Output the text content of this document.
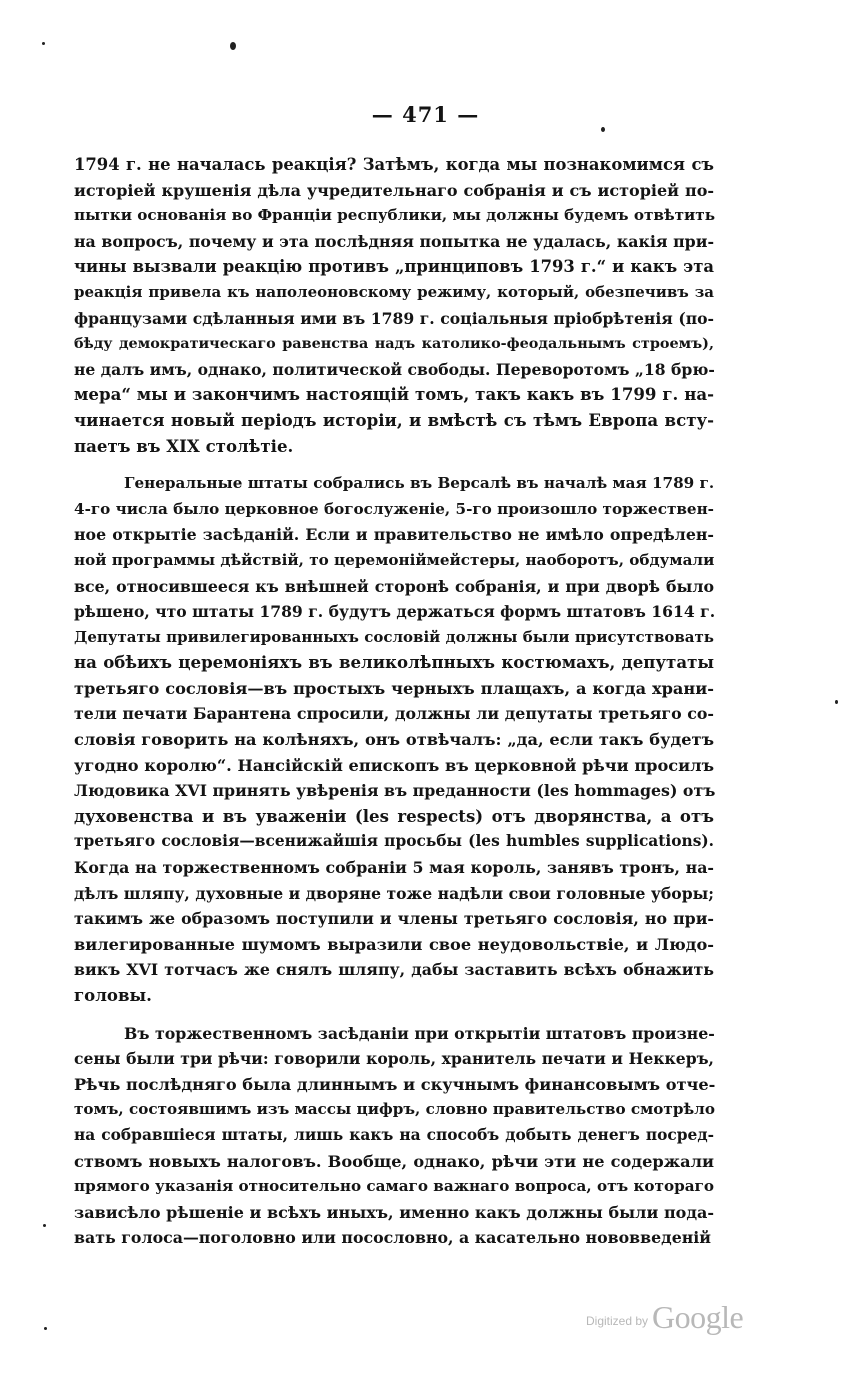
— 471 —
1794 г. не началась реакція? Затѣмъ, когда мы познакомимся съ
исторіей крушенія дѣла учредительнаго собранія и съ исторіей по-
пытки основанія во Франціи республики, мы должны будемъ отвѣтить
на вопросъ, почему и эта послѣдняя попытка не удалась, какія при-
чины вызвали реакцію противъ „принциповъ 1793 г.“ и какъ эта
реакція привела къ наполеоновскому режиму, который, обезпечивъ за
французами сдѣланныя ими въ 1789 г. соціальныя пріобрѣтенія (по-
бѣду демократическаго равенства надъ католико-феодальнымъ строемъ),
не далъ имъ, однако, политической свободы. Переворотомъ „18 брю-
мера“ мы и закончимъ настоящій томъ, такъ какъ въ 1799 г. на-
чинается новый періодъ исторіи, и вмѣстѣ съ тѣмъ Европа всту-
паетъ въ XIX столѣтіе.
Генеральные штаты собрались въ Версалѣ въ началѣ мая 1789 г.
4-го числа было церковное богослуженіе, 5-го произошло торжествен-
ное открытіе засѣданій. Если и правительство не имѣло опредѣлен-
ной программы дѣйствій, то церемоніймейстеры, наоборотъ, обдумали
все, относившееся къ внѣшней сторонѣ собранія, и при дворѣ было
рѣшено, что штаты 1789 г. будутъ держаться формъ штатовъ 1614 г.
Депутаты привилегированныхъ сословій должны были присутствовать
на обѣихъ церемоніяхъ въ великолѣпныхъ костюмахъ, депутаты
третьяго сословія—въ простыхъ черныхъ плащахъ, а когда храни-
тели печати Барантена спросили, должны ли депутаты третьяго со-
словія говорить на колѣняхъ, онъ отвѣчалъ: „да, если такъ будетъ
угодно королю“. Нансійскій епископъ въ церковной рѣчи просилъ
Людовика XVI принять увѣренія въ преданности (les hommages) отъ
духовенства и въ уваженіи (les respects) отъ дворянства, а отъ
третьяго сословія—всенижайшія просьбы (les humbles supplications).
Когда на торжественномъ собраніи 5 мая король, занявъ тронъ, на-
дѣлъ шляпу, духовные и дворяне тоже надѣли свои головные уборы;
такимъ же образомъ поступили и члены третьяго сословія, но при-
вилегированные шумомъ выразили свое неудовольствіе, и Людо-
викъ XVI тотчасъ же снялъ шляпу, дабы заставить всѣхъ обнажить
головы.
Въ торжественномъ засѣданіи при открытіи штатовъ произне-
сены были три рѣчи: говорили король, хранитель печати и Неккеръ,
Рѣчь послѣдняго была длиннымъ и скучнымъ финансовымъ отче-
томъ, состоявшимъ изъ массы цифръ, словно правительство смотрѣло
на собравшіеся штаты, лишь какъ на способъ добыть денегъ посред-
ствомъ новыхъ налоговъ. Вообще, однако, рѣчи эти не содержали
прямого указанія относительно самаго важнаго вопроса, отъ котораго
зависѣло рѣшеніе и всѣхъ иныхъ, именно какъ должны были пода-
вать голоса—поголовно или посословно, а касательно нововведеній
Digitized by Google
